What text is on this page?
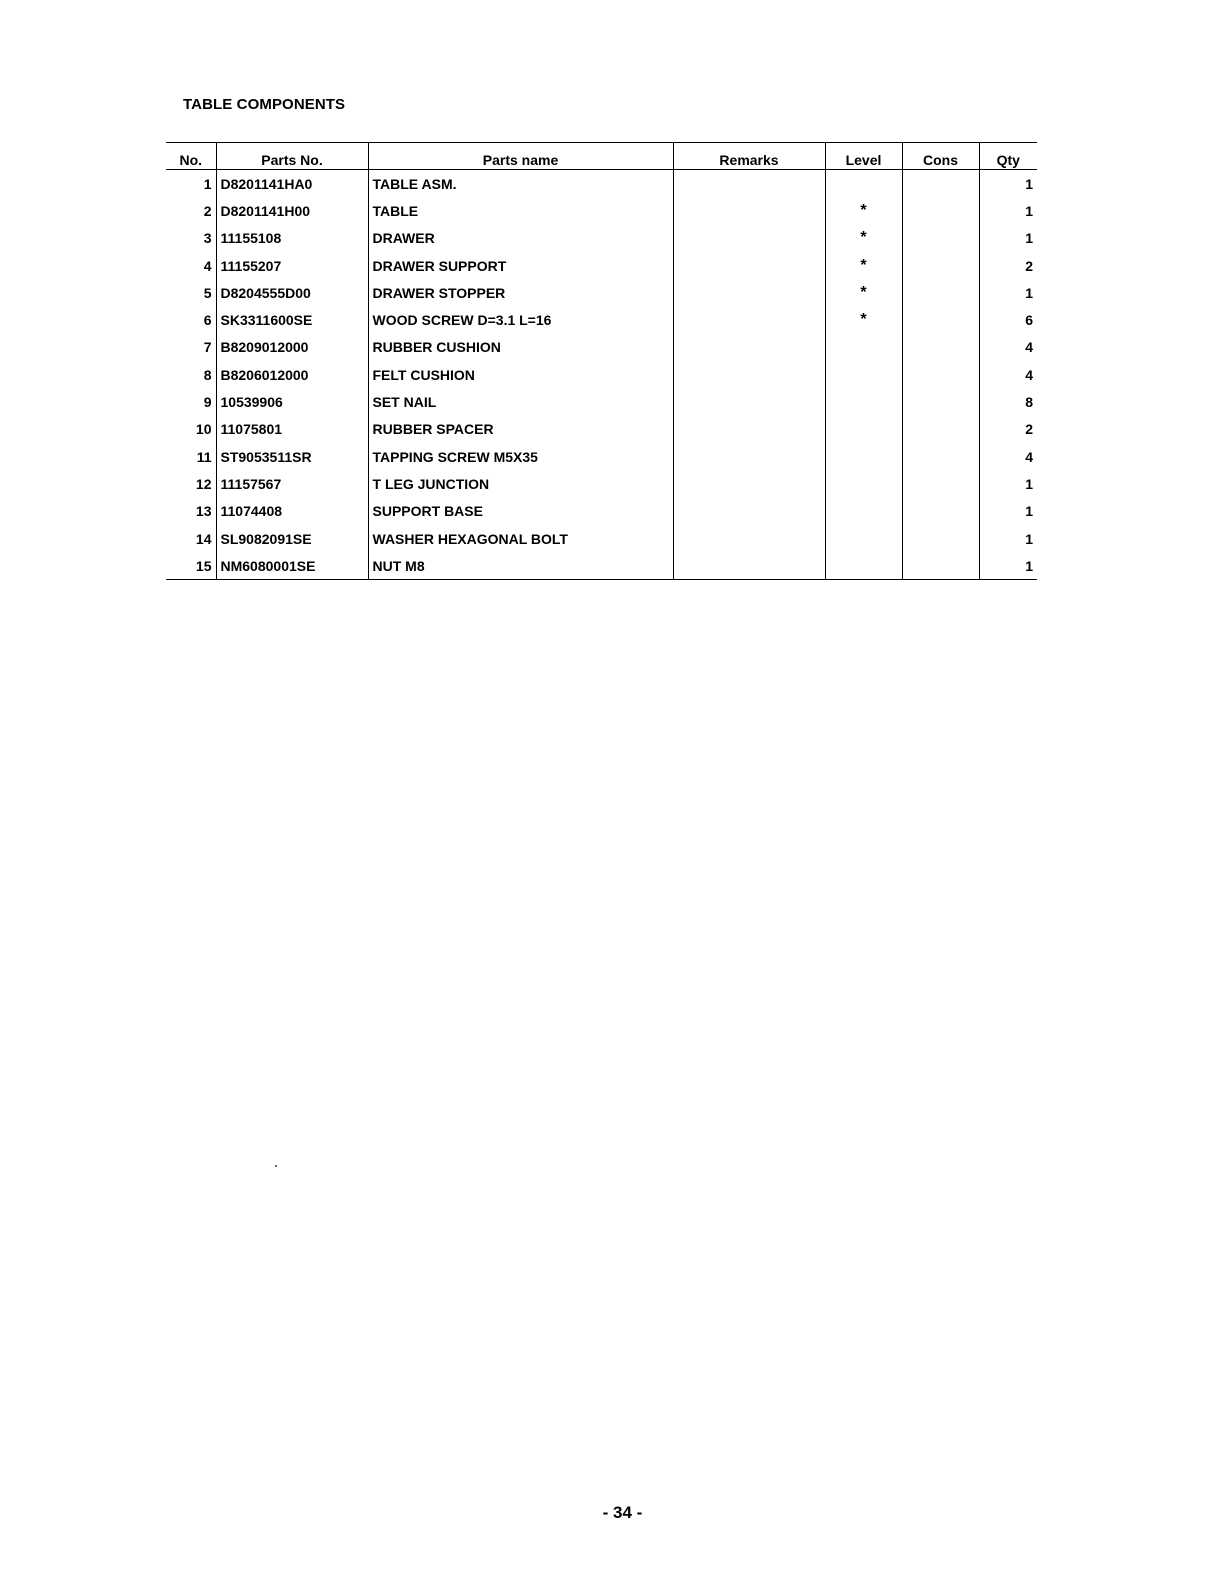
TABLE COMPONENTS
No.	Parts No.	Parts name	Remarks	Level	Cons	Qty
1	D8201141HA0	TABLE ASM.				1
2	D8201141H00	TABLE		*		1
3	11155108	DRAWER		*		1
4	11155207	DRAWER SUPPORT		*		2
5	D8204555D00	DRAWER STOPPER		*		1
6	SK3311600SE	WOOD SCREW D=3.1 L=16		*		6
7	B8209012000	RUBBER CUSHION				4
8	B8206012000	FELT CUSHION				4
9	10539906	SET NAIL				8
10	11075801	RUBBER SPACER				2
11	ST9053511SR	TAPPING SCREW M5X35				4
12	11157567	T LEG JUNCTION				1
13	11074408	SUPPORT BASE				1
14	SL9082091SE	WASHER HEXAGONAL BOLT				1
15	NM6080001SE	NUT M8				1
- 34 -
